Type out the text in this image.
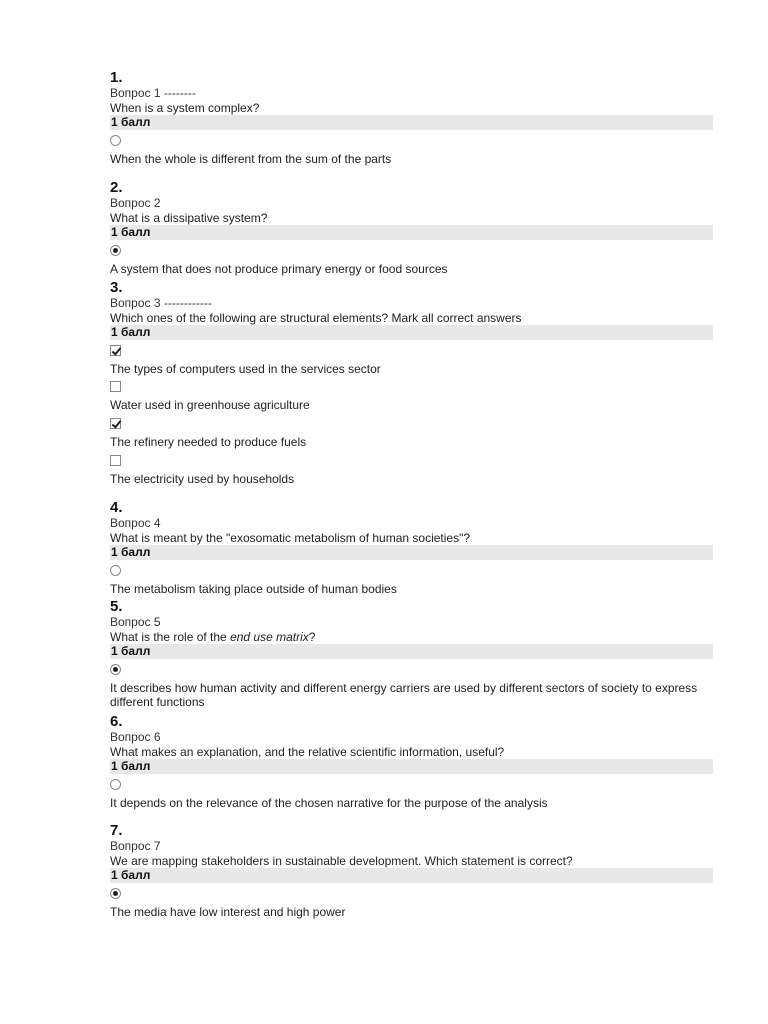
1.
Вопрос 1 --------
When is a system complex?
1 балл
When the whole is different from the sum of the parts
2.
Вопрос 2
What is a dissipative system?
1 балл
A system that does not produce primary energy or food sources
3.
Вопрос 3 ------------
Which ones of the following are structural elements? Mark all correct answers
1 балл
The types of computers used in the services sector
Water used in greenhouse agriculture
The refinery needed to produce fuels
The electricity used by households
4.
Вопрос 4
What is meant by the "exosomatic metabolism of human societies"?
1 балл
The metabolism taking place outside of human bodies
5.
Вопрос 5
What is the role of the end use matrix?
1 балл
It describes how human activity and different energy carriers are used by different sectors of society to express different functions
6.
Вопрос 6
What makes an explanation, and the relative scientific information, useful?
1 балл
It depends on the relevance of the chosen narrative for the purpose of the analysis
7.
Вопрос 7
We are mapping stakeholders in sustainable development. Which statement is correct?
1 балл
The media have low interest and high power
